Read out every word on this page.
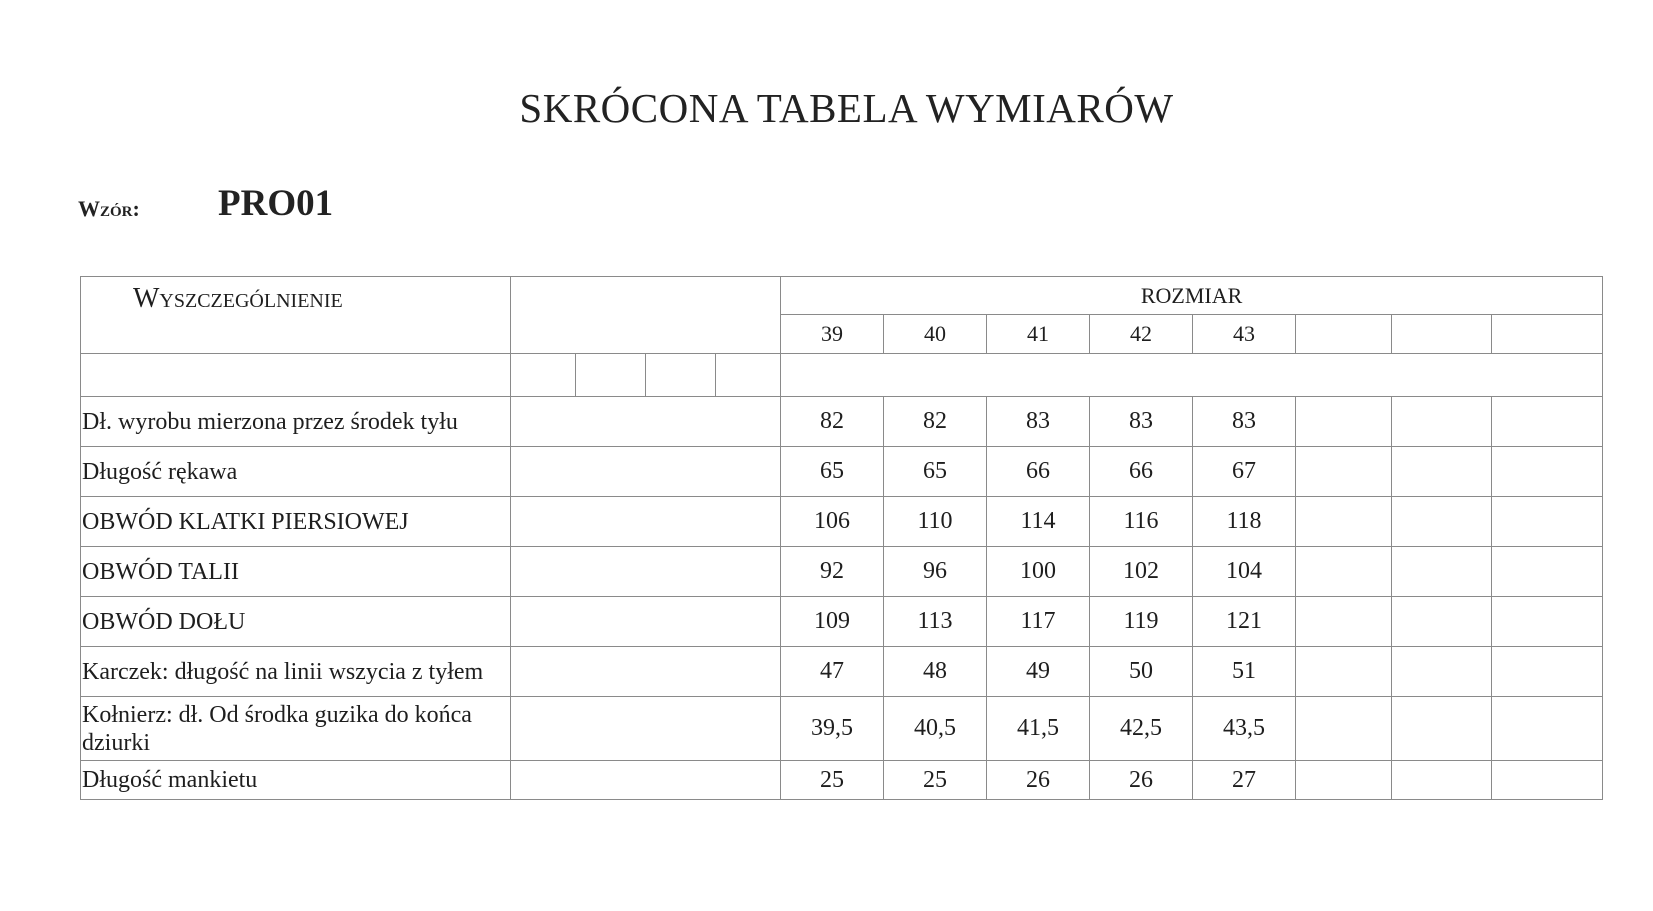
SKRÓCONA TABELA WYMIARÓW
Wzór: PRO01
Wyszczególnienie					ROZMIAR							
					39	40	41	42	43			

Dł. wyrobu mierzona przez środek tyłu					82	82	83	83	83			
Długość rękawa					65	65	66	66	67			
OBWÓD KLATKI PIERSIOWEJ					106	110	114	116	118			
OBWÓD TALII					92	96	100	102	104			
OBWÓD DOŁU					109	113	117	119	121			
Karczek: długość na linii wszycia z tyłem					47	48	49	50	51			
Kołnierz: dł. Od środka guzika do końca dziurki					39,5	40,5	41,5	42,5	43,5			
Długość mankietu					25	25	26	26	27			
